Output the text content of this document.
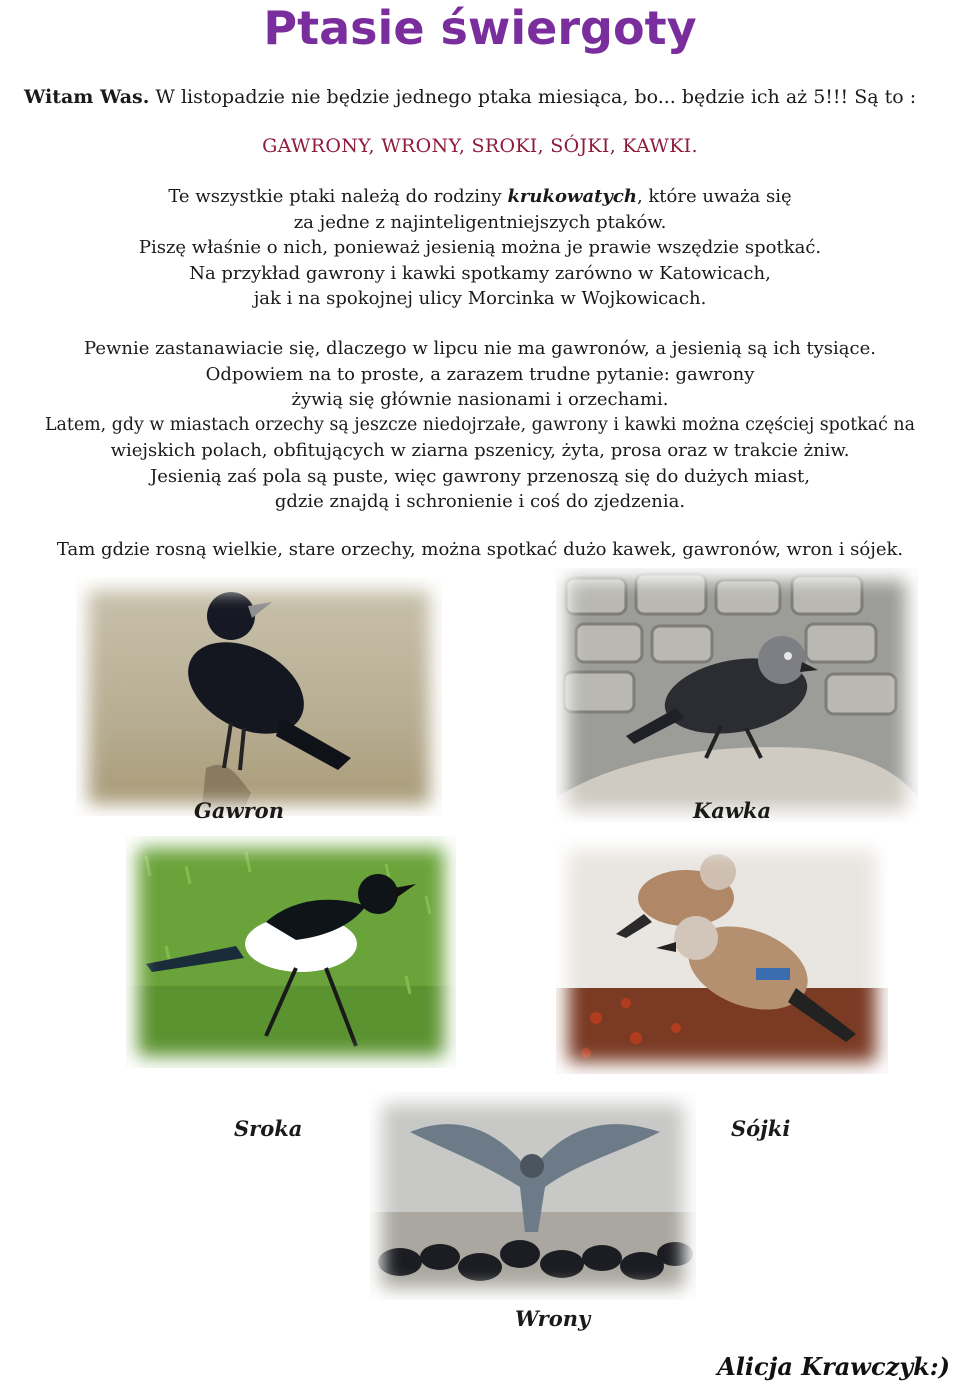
Ptasie świergoty
Witam Was. W listopadzie nie będzie jednego ptaka miesiąca, bo... będzie ich aż 5!!! Są to :
GAWRONY, WRONY, SROKI, SÓJKI, KAWKI.
Te wszystkie ptaki należą do rodziny krukowatych, które uważa się
za jedne z najinteligentniejszych ptaków.
Piszę właśnie o nich, ponieważ jesienią można je prawie wszędzie spotkać.
Na przykład gawrony i kawki spotkamy zarówno w Katowicach,
jak i na spokojnej ulicy Morcinka w Wojkowicach.
Pewnie zastanawiacie się, dlaczego w lipcu nie ma gawronów, a jesienią są ich tysiące.
Odpowiem na to proste, a zarazem trudne pytanie: gawrony
żywią się głównie nasionami i orzechami.
Latem, gdy w miastach orzechy są jeszcze niedojrzałe, gawrony i kawki można częściej spotkać na
wiejskich polach, obfitujących w ziarna pszenicy, żyta, prosa oraz w trakcie żniw.
Jesienią zaś pola są puste, więc gawrony przenoszą się do dużych miast,
gdzie znajdą i schronienie i coś do zjedzenia.
Tam gdzie rosną wielkie, stare orzechy, można spotkać dużo kawek, gawronów, wron i sójek.
Gawron	Kawka
Sroka	Sójki
Wrony
Alicja Krawczyk:)
